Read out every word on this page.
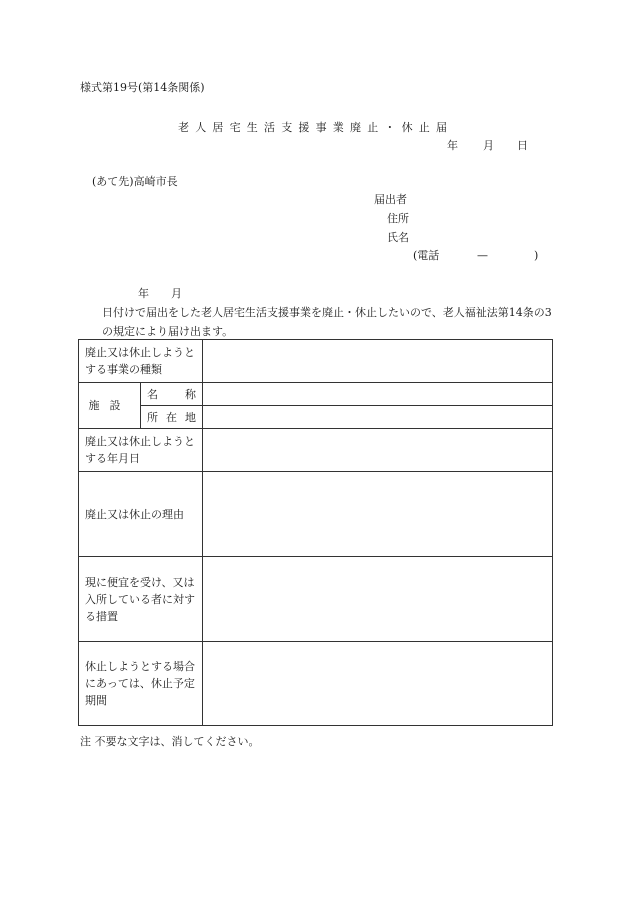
様式第19号(第14条関係)
老人居宅生活支援事業廃止・休止届
年 月 日
(あて先)高崎市長
届出者
住所
氏名
(電話	—	)
年 月日付けで届出をした老人居宅生活支援事業を廃止・休止したいので、老人福祉法第14条の3の規定により届け出ます。
廃止又は休止しようとする事業の種類		
施設	名 称	

	所 在 地	

廃止又は休止しようとする年月日		
廃止又は休止の理由		
現に便宜を受け、又は入所している者に対する措置		
休止しようとする場合にあっては、休止予定期間		
注 不要な文字は、消してください。
